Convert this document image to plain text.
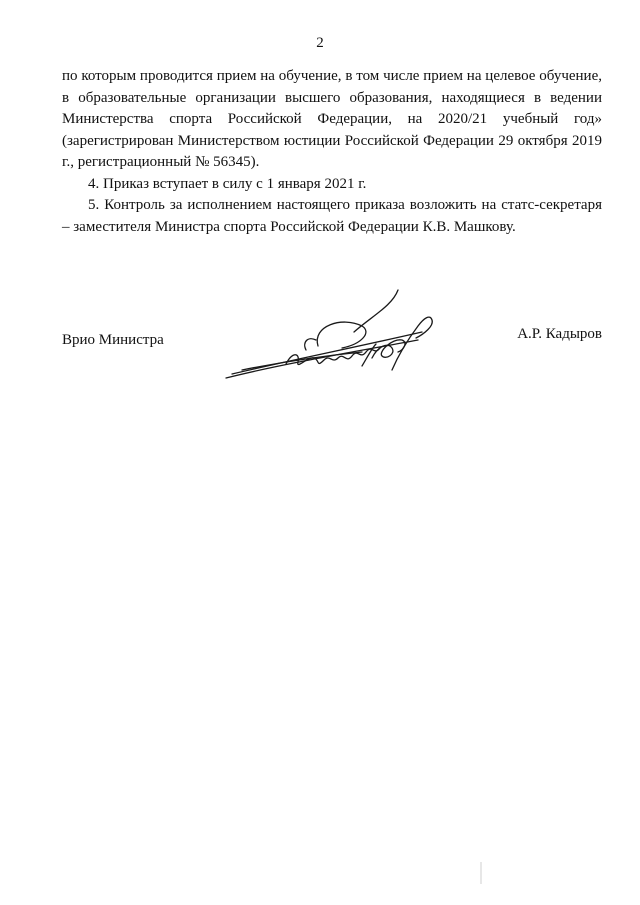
2

по которым проводится прием на обучение, в том числе прием на целевое обучение, в образовательные организации высшего образования, находящиеся в ведении Министерства спорта Российской Федерации, на 2020/21 учебный год» (зарегистрирован Министерством юстиции Российской Федерации 29 октября 2019 г., регистрационный № 56345).

4. Приказ вступает в силу с 1 января 2021 г.

5. Контроль за исполнением настоящего приказа возложить на статс-секретаря – заместителя Министра спорта Российской Федерации К.В. Машкову.

Врио Министра	А.Р. Кадыров
